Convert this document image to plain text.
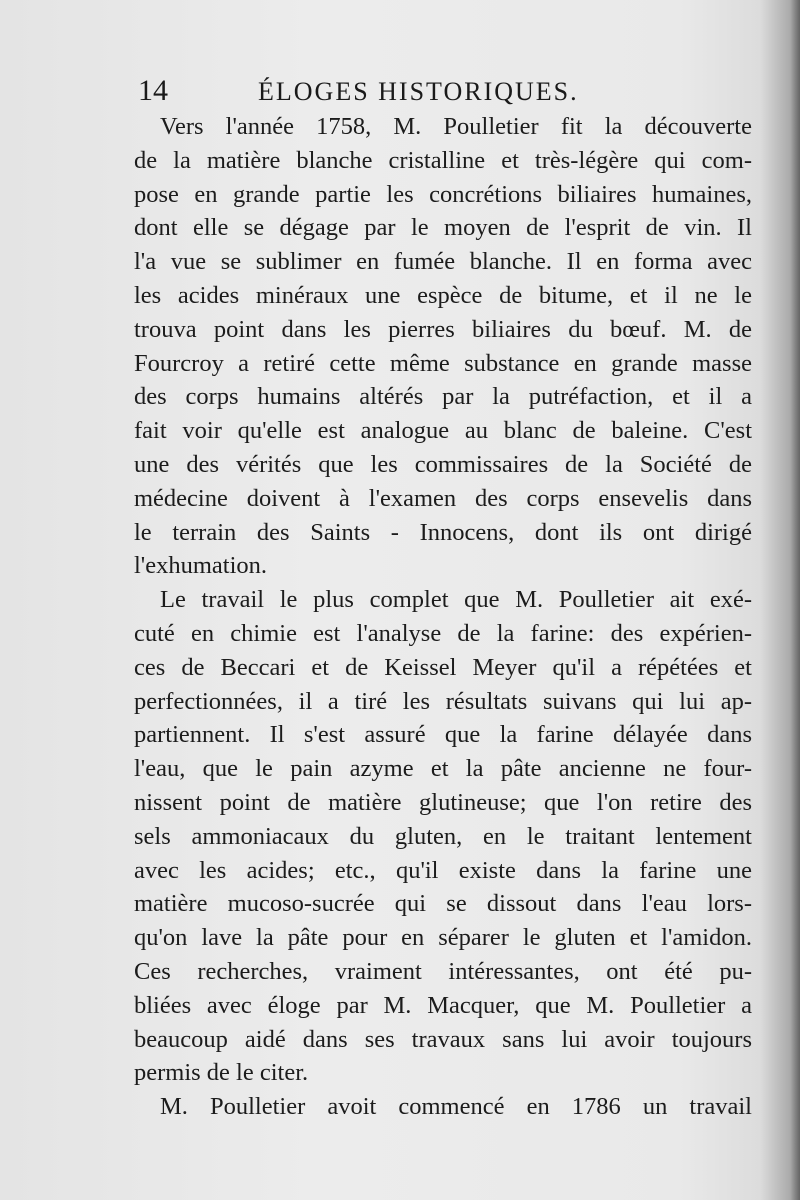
14	ÉLOGES HISTORIQUES.
Vers l'année 1758, M. Poulletier fit la découverte
de la matière blanche cristalline et très-légère qui com-
pose en grande partie les concrétions biliaires humaines,
dont elle se dégage par le moyen de l'esprit de vin. Il
l'a vue se sublimer en fumée blanche. Il en forma avec
les acides minéraux une espèce de bitume, et il ne le
trouva point dans les pierres biliaires du bœuf. M. de
Fourcroy a retiré cette même substance en grande masse
des corps humains altérés par la putréfaction, et il a
fait voir qu'elle est analogue au blanc de baleine. C'est
une des vérités que les commissaires de la Société de
médecine doivent à l'examen des corps ensevelis dans
le terrain des Saints - Innocens, dont ils ont dirigé
l'exhumation.
Le travail le plus complet que M. Poulletier ait exé-
cuté en chimie est l'analyse de la farine: des expérien-
ces de Beccari et de Keissel Meyer qu'il a répétées et
perfectionnées, il a tiré les résultats suivans qui lui ap-
partiennent. Il s'est assuré que la farine délayée dans
l'eau, que le pain azyme et la pâte ancienne ne four-
nissent point de matière glutineuse; que l'on retire des
sels ammoniacaux du gluten, en le traitant lentement
avec les acides; etc., qu'il existe dans la farine une
matière mucoso-sucrée qui se dissout dans l'eau lors-
qu'on lave la pâte pour en séparer le gluten et l'amidon.
Ces recherches, vraiment intéressantes, ont été pu-
bliées avec éloge par M. Macquer, que M. Poulletier a
beaucoup aidé dans ses travaux sans lui avoir toujours
permis de le citer.
M. Poulletier avoit commencé en 1786 un travail
